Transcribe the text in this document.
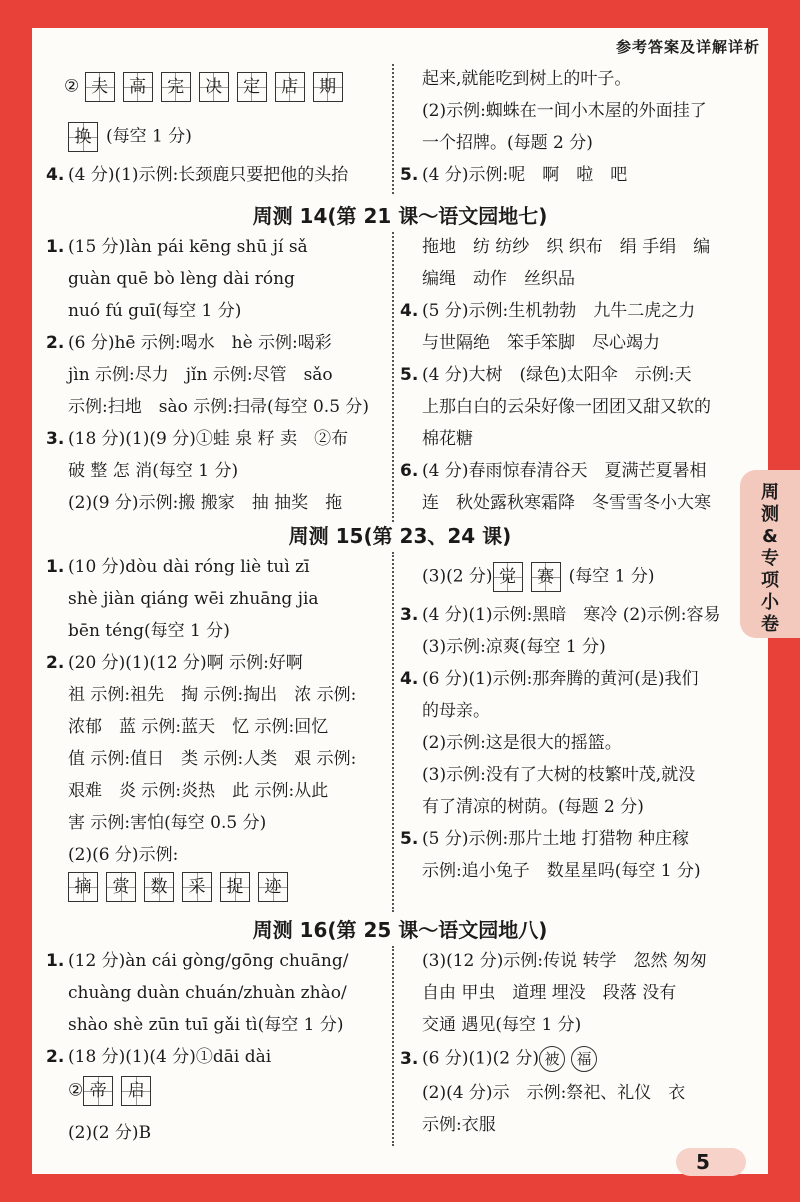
参考答案及详解详析
② 夫 高 完 决 定 店 期
换 (每空 1 分)
4. (4 分)(1)示例:长颈鹿只要把他的头抬
起来,就能吃到树上的叶子。
(2)示例:蜘蛛在一间小木屋的外面挂了
一个招牌。(每题 2 分)
5. (4 分)示例:呢　啊　啦　吧
周测 14(第 21 课～语文园地七)
1. (15 分)làn pái kēng shū jí sǎ
guàn quē bò lèng dài róng
nuó fú guī(每空 1 分)
2. (6 分)hē 示例:喝水　hè 示例:喝彩
jìn 示例:尽力　jǐn 示例:尽管　sǎo
示例:扫地　sào 示例:扫帚(每空 0.5 分)
3. (18 分)(1)(9 分)①蛙 泉 籽 卖　②布
破 整 怎 消(每空 1 分)
(2)(9 分)示例:搬 搬家　抽 抽奖　拖
拖地　纺 纺纱　织 织布　绢 手绢　编
编绳　动作　丝织品
4. (5 分)示例:生机勃勃　九牛二虎之力
与世隔绝　笨手笨脚　尽心竭力
5. (4 分)大树　(绿色)太阳伞　示例:天
上那白白的云朵好像一团团又甜又软的
棉花糖
6. (4 分)春雨惊春清谷天　夏满芒夏暑相
连　秋处露秋寒霜降　冬雪雪冬小大寒
周测 15(第 23、24 课)
1. (10 分)dòu dài róng liè tuì zī
shè jiàn qiáng wēi zhuāng jia
bēn téng(每空 1 分)
2. (20 分)(1)(12 分)啊 示例:好啊
祖 示例:祖先　掏 示例:掏出　浓 示例:
浓郁　蓝 示例:蓝天　忆 示例:回忆
值 示例:值日　类 示例:人类　艰 示例:
艰难　炎 示例:炎热　此 示例:从此
害 示例:害怕(每空 0.5 分)
(2)(6 分)示例:
摘 赏 数 采 捉 迹
(3)(2 分) 觉 赛 (每空 1 分)
3. (4 分)(1)示例:黑暗　寒冷 (2)示例:容易
(3)示例:凉爽(每空 1 分)
4. (6 分)(1)示例:那奔腾的黄河(是)我们
的母亲。
(2)示例:这是很大的摇篮。
(3)示例:没有了大树的枝繁叶茂,就没
有了清凉的树荫。(每题 2 分)
5. (5 分)示例:那片土地 打猎物 种庄稼
示例:追小兔子　数星星吗(每空 1 分)
周测 16(第 25 课～语文园地八)
1. (12 分)àn cái gòng/gōng chuāng/
chuàng duàn chuán/zhuàn zhào/
shào shè zūn tuī gǎi tì(每空 1 分)
2. (18 分)(1)(4 分)①dāi dài
② 帝 启
(2)(2 分)B
(3)(12 分)示例:传说 转学　忽然 匆匆
自由 甲虫　道理 埋没　段落 没有
交通 遇见(每空 1 分)
3. (6 分)(1)(2 分) 被 福
(2)(4 分)示　示例:祭祀、礼仪　衣
示例:衣服
周测&专项小卷
5
